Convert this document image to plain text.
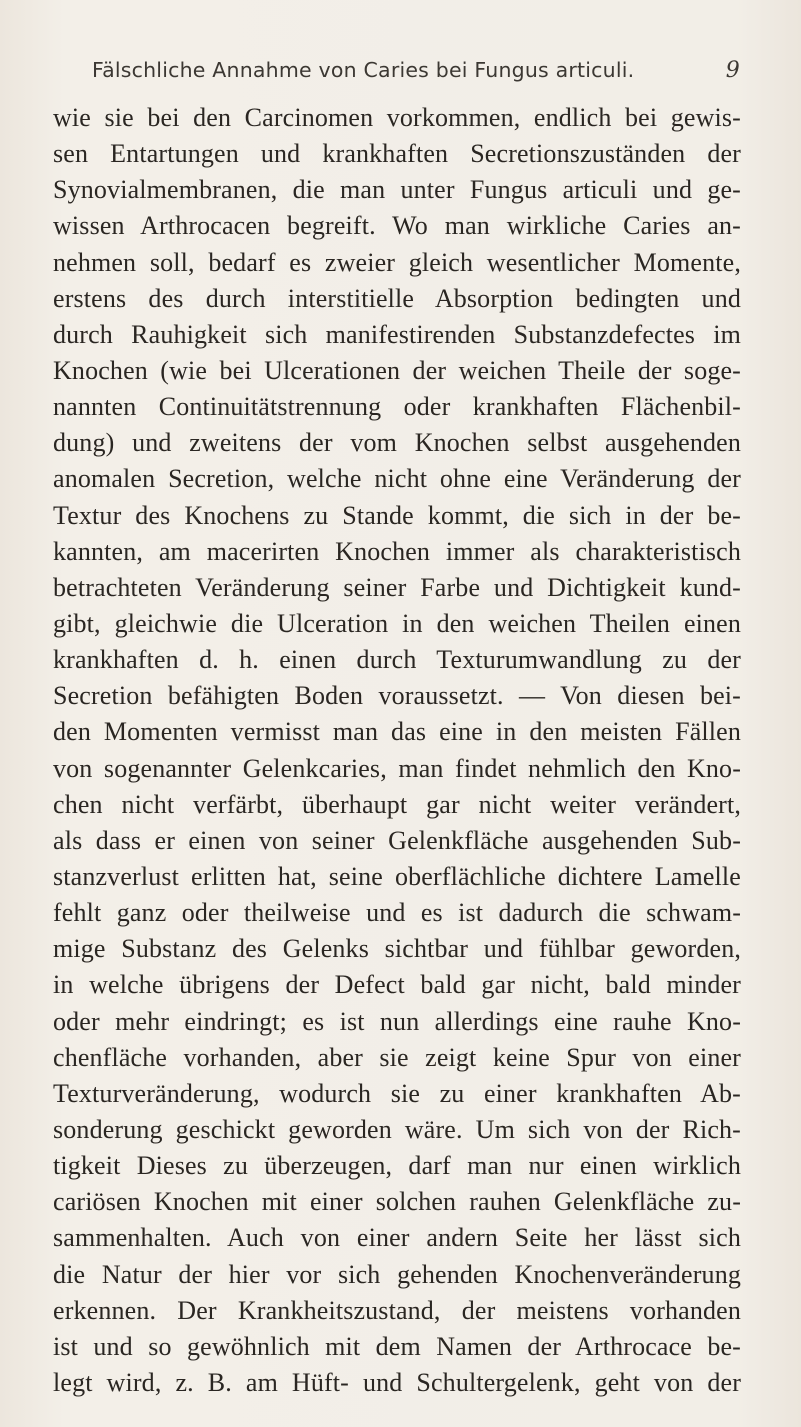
Fälschliche Annahme von Caries bei Fungus articuli.	9
wie sie bei den Carcinomen vorkommen, endlich bei gewis-
sen Entartungen und krankhaften Secretionszuständen der
Synovialmembranen, die man unter Fungus articuli und ge-
wissen Arthrocacen begreift. Wo man wirkliche Caries an-
nehmen soll, bedarf es zweier gleich wesentlicher Momente,
erstens des durch interstitielle Absorption bedingten und
durch Rauhigkeit sich manifestirenden Substanzdefectes im
Knochen (wie bei Ulcerationen der weichen Theile der soge-
nannten Continuitätstrennung oder krankhaften Flächenbil-
dung) und zweitens der vom Knochen selbst ausgehenden
anomalen Secretion, welche nicht ohne eine Veränderung der
Textur des Knochens zu Stande kommt, die sich in der be-
kannten, am macerirten Knochen immer als charakteristisch
betrachteten Veränderung seiner Farbe und Dichtigkeit kund-
gibt, gleichwie die Ulceration in den weichen Theilen einen
krankhaften d. h. einen durch Texturumwandlung zu der
Secretion befähigten Boden voraussetzt. — Von diesen bei-
den Momenten vermisst man das eine in den meisten Fällen
von sogenannter Gelenkcaries, man findet nehmlich den Kno-
chen nicht verfärbt, überhaupt gar nicht weiter verändert,
als dass er einen von seiner Gelenkfläche ausgehenden Sub-
stanzverlust erlitten hat, seine oberflächliche dichtere Lamelle
fehlt ganz oder theilweise und es ist dadurch die schwam-
mige Substanz des Gelenks sichtbar und fühlbar geworden,
in welche übrigens der Defect bald gar nicht, bald minder
oder mehr eindringt; es ist nun allerdings eine rauhe Kno-
chenfläche vorhanden, aber sie zeigt keine Spur von einer
Texturveränderung, wodurch sie zu einer krankhaften Ab-
sonderung geschickt geworden wäre. Um sich von der Rich-
tigkeit Dieses zu überzeugen, darf man nur einen wirklich
cariösen Knochen mit einer solchen rauhen Gelenkfläche zu-
sammenhalten. Auch von einer andern Seite her lässt sich
die Natur der hier vor sich gehenden Knochenveränderung
erkennen. Der Krankheitszustand, der meistens vorhanden
ist und so gewöhnlich mit dem Namen der Arthrocace be-
legt wird, z. B. am Hüft- und Schultergelenk, geht von der
